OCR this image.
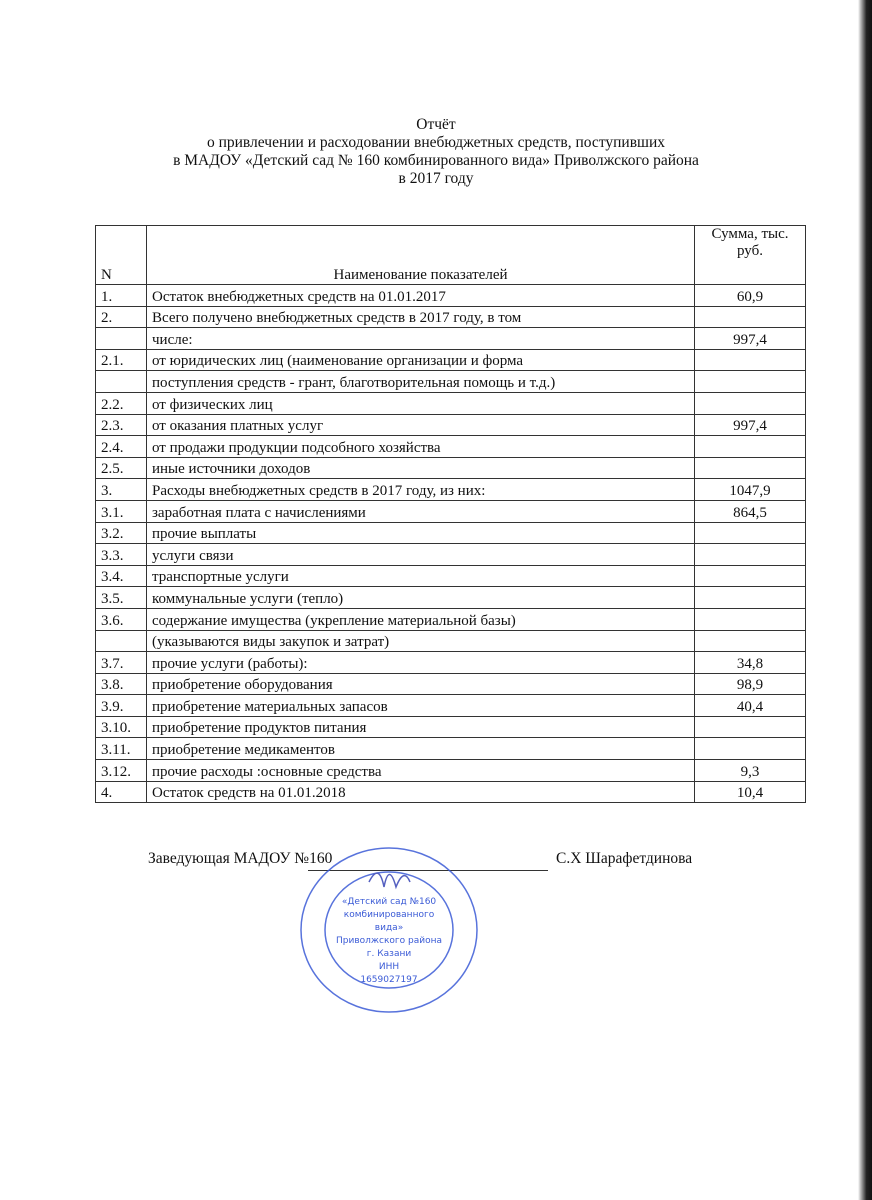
Отчёт
о привлечении и расходовании внебюджетных средств, поступивших
в МАДОУ «Детский сад № 160 комбинированного вида» Приволжского района
в 2017 году
N	Наименование показателей	Сумма, тыс. руб.
1.	Остаток внебюджетных средств на 01.01.2017	60,9
2.	Всего получено внебюджетных средств в 2017 году, в том	
	числе:	997,4
2.1.	от юридических лиц (наименование организации и форма	
	поступления средств - грант, благотворительная помощь и т.д.)	
2.2.	от физических лиц	
2.3.	от оказания платных услуг	997,4
2.4.	от продажи продукции подсобного хозяйства	
2.5.	иные источники доходов	
3.	Расходы внебюджетных средств в 2017 году, из них:	1047,9
3.1.	заработная плата с начислениями	864,5
3.2.	прочие выплаты	
3.3.	услуги связи	
3.4.	транспортные услуги	
3.5.	коммунальные услуги (тепло)	
3.6.	содержание имущества (укрепление материальной базы)	
	(указываются виды закупок и затрат)	
3.7.	прочие услуги (работы):	34,8
3.8.	приобретение оборудования	98,9
3.9.	приобретение материальных запасов	40,4
3.10.	приобретение продуктов питания	
3.11.	приобретение медикаментов	
3.12.	прочие расходы :основные средства	9,3
4.	Остаток средств на 01.01.2018	10,4
Заведующая МАДОУ №160	С.Х Шарафетдинова
«Детский сад №160
комбинированного
вида»
Приволжского района
г. Казани
ИНН
1659027197
